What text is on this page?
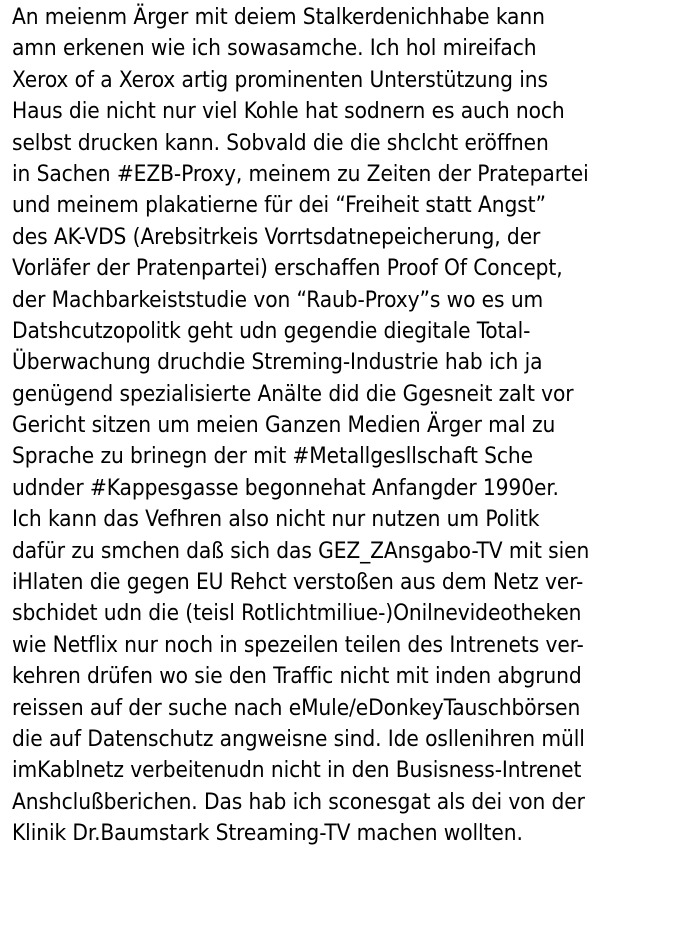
An meienm Ärger mit deiem Stalkerdenichhabe kann
amn erkenen wie ich sowasamche. Ich hol mireifach
Xerox of a Xerox artig prominenten Unterstützung ins
Haus die nicht nur viel Kohle hat sodnern es auch noch
selbst drucken kann. Sobvald die die shclcht eröffnen
in Sachen #EZB-Proxy, meinem zu Zeiten der Pratepartei
und meinem plakatierne für dei “Freiheit statt Angst”
des AK-VDS (Arebsitrkeis Vorrtsdatnepeicherung, der
Vorläfer der Pratenpartei) erschaffen Proof Of Concept,
der Machbarkeiststudie von “Raub-Proxy”s wo es um
Datshcutzopolitk geht udn gegendie diegitale Total-
Überwachung druchdie Streming-Industrie hab ich ja
genügend spezialisierte Anälte did die Ggesneit zalt vor
Gericht sitzen um meien Ganzen Medien Ärger mal zu
Sprache zu brinegn der mit #Metallgesllschaft Sche
udnder #Kappesgasse begonnehat Anfangder 1990er.
Ich kann das Vefhren also nicht nur nutzen um Politk
dafür zu smchen daß sich das GEZ_ZAnsgabo-TV mit sien
iHlaten die gegen EU Rehct verstoßen aus dem Netz ver-
sbchidet udn die (teisl Rotlichtmiliue-)Onilnevideotheken
wie Netflix nur noch in spezeilen teilen des Intrenets ver-
kehren drüfen wo sie den Traffic nicht mit inden abgrund
reissen auf der suche nach eMule/eDonkeyTauschbörsen
die auf Datenschutz angweisne sind. Ide osllenihren müll
imKablnetz verbeitenudn nicht in den Busisness-Intrenet
Anshclußberichen. Das hab ich sconesgat als dei von der
Klinik Dr.Baumstark Streaming-TV machen wollten.
